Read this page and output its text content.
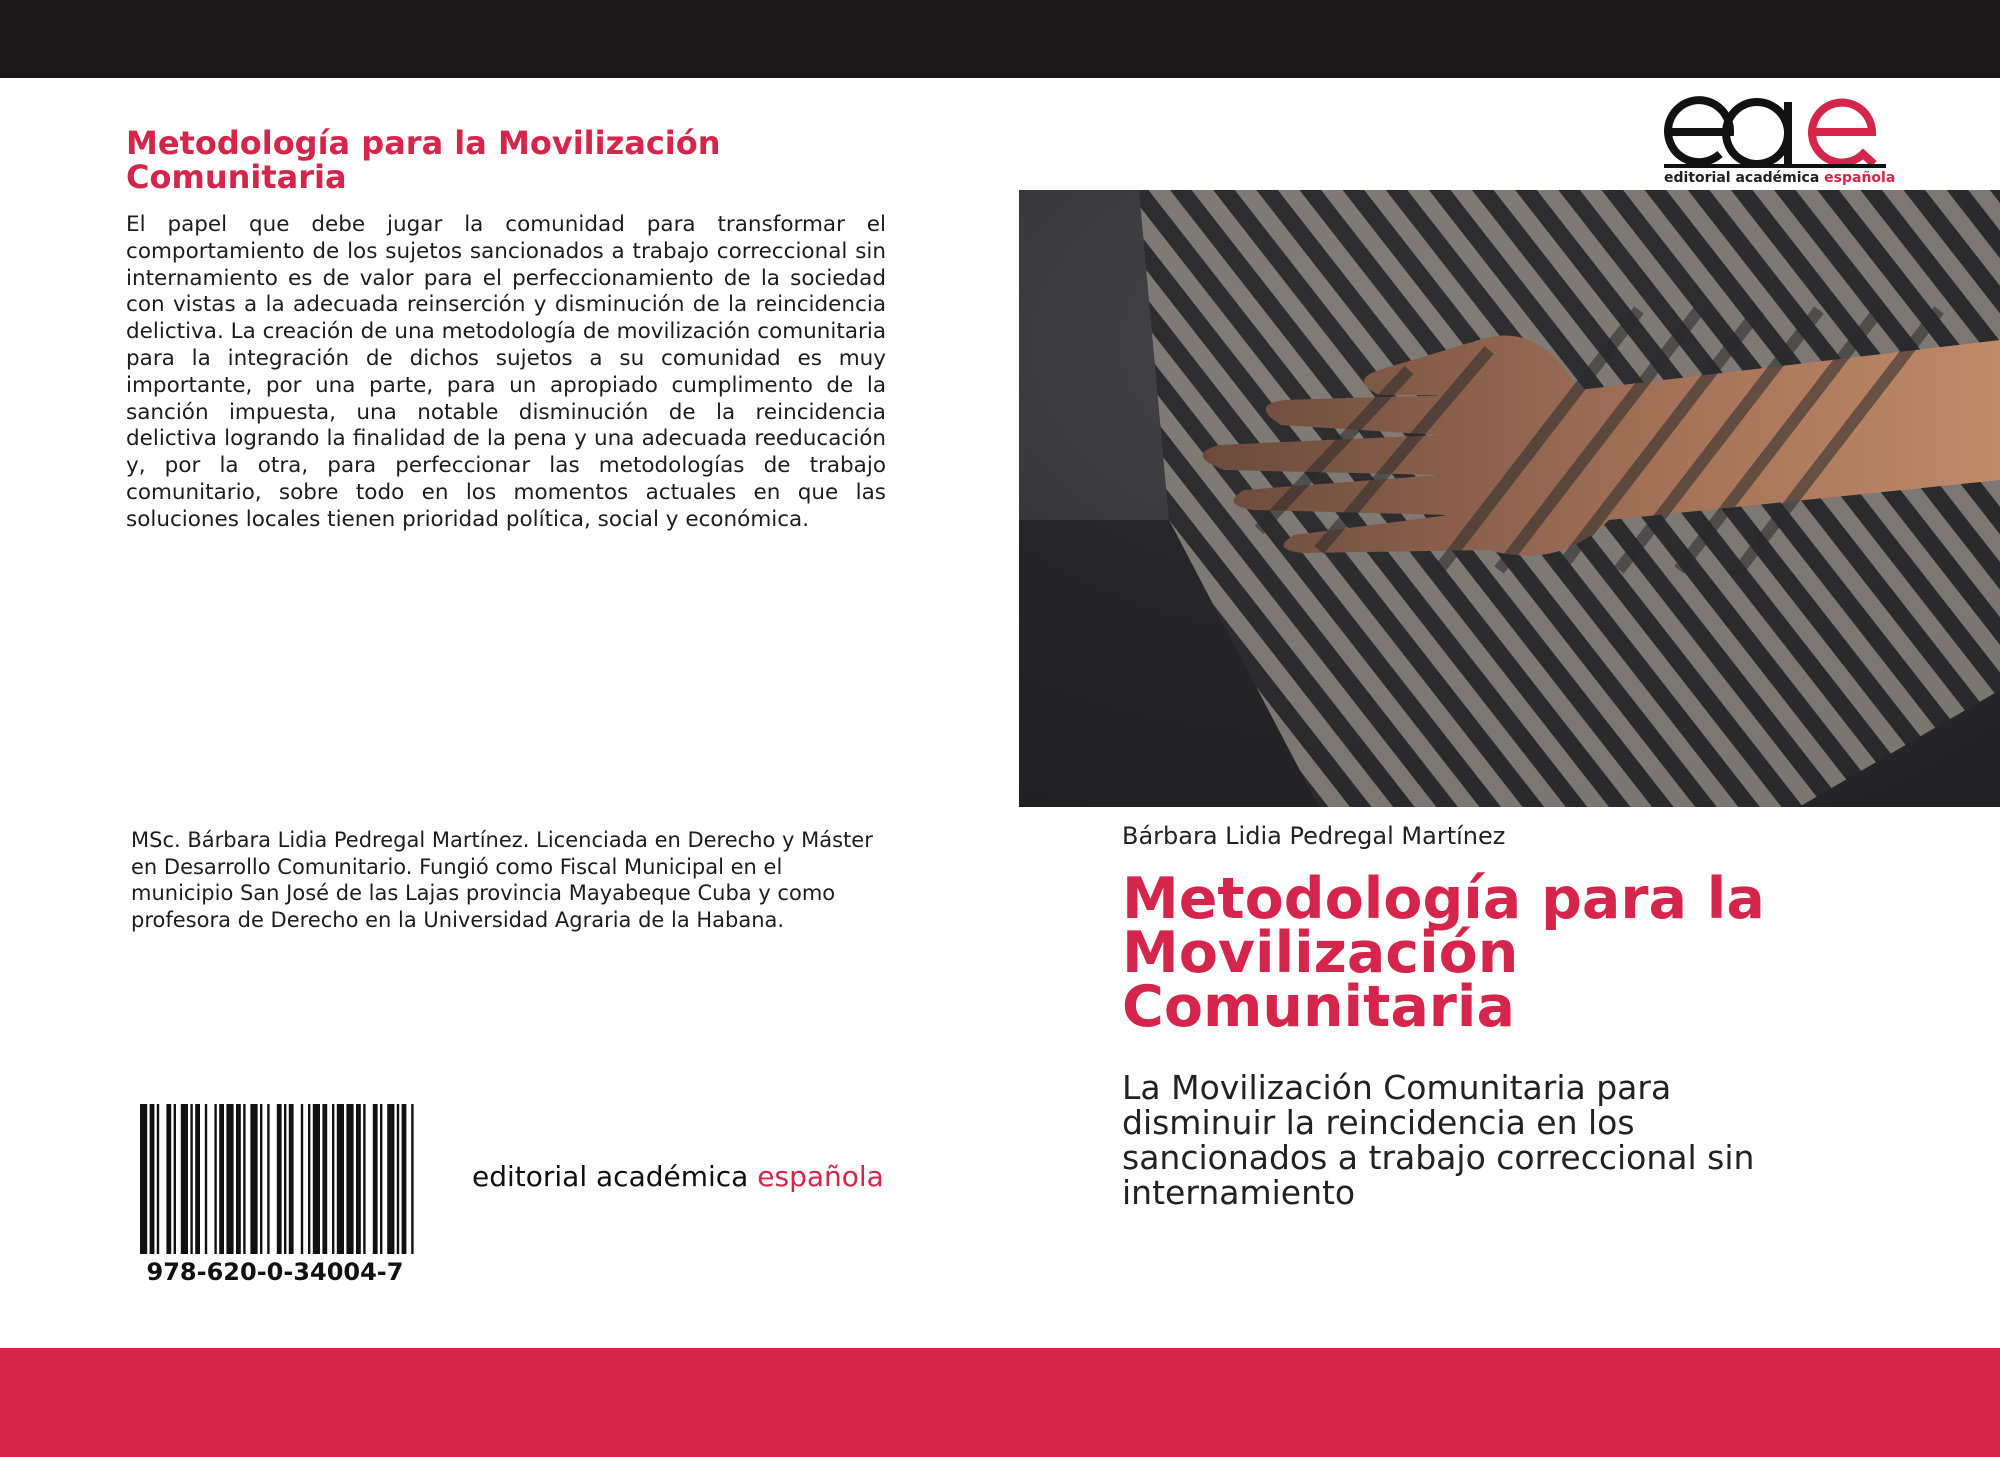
Metodología para la Movilización Comunitaria

El papel que debe jugar la comunidad para transformar el comportamiento de los sujetos sancionados a trabajo correccional sin internamiento es de valor para el perfeccionamiento de la sociedad con vistas a la adecuada reinserción y disminución de la reincidencia delictiva. La creación de una metodología de movilización comunitaria para la integración de dichos sujetos a su comunidad es muy importante, por una parte, para un apropiado cumplimento de la sanción impuesta, una notable disminución de la reincidencia delictiva logrando la finalidad de la pena y una adecuada reeducación y, por la otra, para perfeccionar las metodologías de trabajo comunitario, sobre todo en los momentos actuales en que las soluciones locales tienen prioridad política, social y económica.

MSc. Bárbara Lidia Pedregal Martínez. Licenciada en Derecho y Máster
en Desarrollo Comunitario. Fungió como Fiscal Municipal en el
municipio San José de las Lajas provincia Mayabeque Cuba y como
profesora de Derecho en la Universidad Agraria de la Habana.
978-620-0-34004-7
editorial académica española
editorial académica española
Bárbara Lidia Pedregal Martínez
Metodología para la
Movilización
Comunitaria
La Movilización Comunitaria para
disminuir la reincidencia en los
sancionados a trabajo correccional sin
internamiento
